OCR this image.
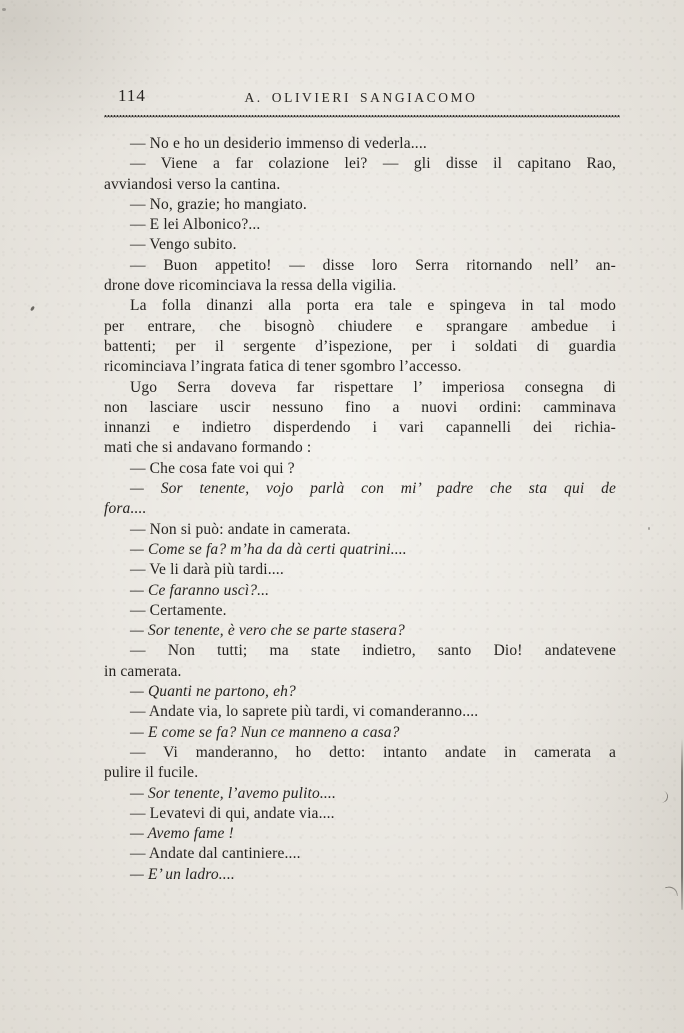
114	A. OLIVIERI SANGIACOMO
— No e ho un desiderio immenso di vederla....
— Viene a far colazione lei? — gli disse il capitano Rao,
avviandosi verso la cantina.
— No, grazie; ho mangiato.
— E lei Albonico?...
— Vengo subito.
— Buon appetito! — disse loro Serra ritornando nell’ an-
drone dove ricominciava la ressa della vigilia.
La folla dinanzi alla porta era tale e spingeva in tal modo
per entrare, che bisognò chiudere e sprangare ambedue i
battenti; per il sergente d’ispezione, per i soldati di guardia
ricominciava l’ingrata fatica di tener sgombro l’accesso.
Ugo Serra doveva far rispettare l’ imperiosa consegna di
non lasciare uscir nessuno fino a nuovi ordini: camminava
innanzi e indietro disperdendo i vari capannelli dei richia-
mati che si andavano formando :
— Che cosa fate voi qui ?
— Sor tenente, vojo parlà con mi’ padre che sta qui de
fora....
— Non si può: andate in camerata.
— Come se fa? m’ha da dà certi quatrini....
— Ve li darà più tardi....
— Ce faranno uscì?...
— Certamente.
— Sor tenente, è vero che se parte stasera?
— Non tutti; ma state indietro, santo Dio! andatevene
in camerata.
— Quanti ne partono, eh?
— Andate via, lo saprete più tardi, vi comanderanno....
— E come se fa? Nun ce manneno a casa?
— Vi manderanno, ho detto: intanto andate in camerata a
pulire il fucile.
— Sor tenente, l’avemo pulito....
— Levatevi di qui, andate via....
— Avemo fame !
— Andate dal cantiniere....
— E’ un ladro....
